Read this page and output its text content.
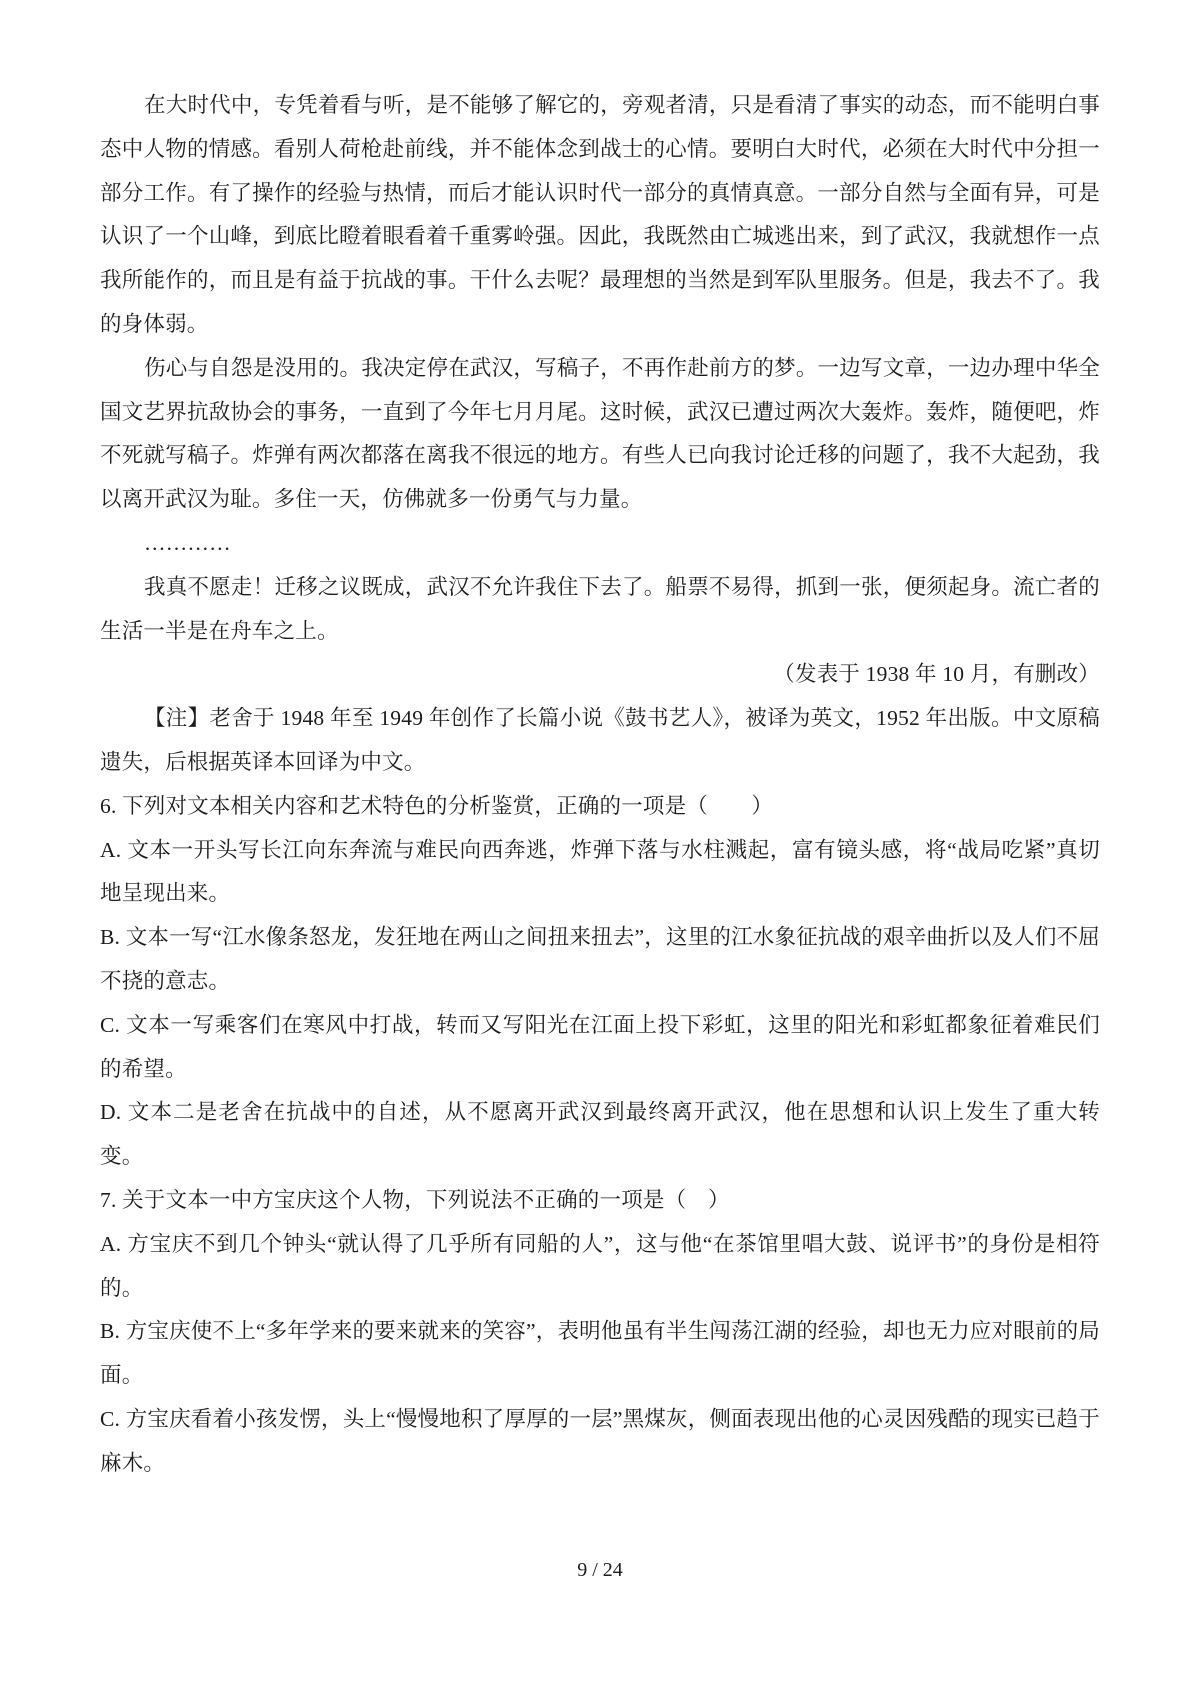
在大时代中，专凭着看与听，是不能够了解它的，旁观者清，只是看清了事实的动态，而不能明白事态中人物的情感。看别人荷枪赴前线，并不能体念到战士的心情。要明白大时代，必须在大时代中分担一部分工作。有了操作的经验与热情，而后才能认识时代一部分的真情真意。一部分自然与全面有异，可是认识了一个山峰，到底比瞪着眼看着千重雾岭强。因此，我既然由亡城逃出来，到了武汉，我就想作一点我所能作的，而且是有益于抗战的事。干什么去呢？最理想的当然是到军队里服务。但是，我去不了。我的身体弱。

伤心与自怨是没用的。我决定停在武汉，写稿子，不再作赴前方的梦。一边写文章，一边办理中华全国文艺界抗敌协会的事务，一直到了今年七月月尾。这时候，武汉已遭过两次大轰炸。轰炸，随便吧，炸不死就写稿子。炸弹有两次都落在离我不很远的地方。有些人已向我讨论迁移的问题了，我不大起劲，我以离开武汉为耻。多住一天，仿佛就多一份勇气与力量。

…………

我真不愿走！迁移之议既成，武汉不允许我住下去了。船票不易得，抓到一张，便须起身。流亡者的生活一半是在舟车之上。

（发表于 1938 年 10 月，有删改）

【注】老舍于 1948 年至 1949 年创作了长篇小说《鼓书艺人》，被译为英文，1952 年出版。中文原稿遗失，后根据英译本回译为中文。

6. 下列对文本相关内容和艺术特色的分析鉴赏，正确的一项是（　　）

A. 文本一开头写长江向东奔流与难民向西奔逃，炸弹下落与水柱溅起，富有镜头感，将“战局吃紧”真切地呈现出来。

B. 文本一写“江水像条怒龙，发狂地在两山之间扭来扭去”，这里的江水象征抗战的艰辛曲折以及人们不屈不挠的意志。

C. 文本一写乘客们在寒风中打战，转而又写阳光在江面上投下彩虹，这里的阳光和彩虹都象征着难民们的希望。

D. 文本二是老舍在抗战中的自述，从不愿离开武汉到最终离开武汉，他在思想和认识上发生了重大转变。

7. 关于文本一中方宝庆这个人物，下列说法不正确的一项是（　）

A. 方宝庆不到几个钟头“就认得了几乎所有同船的人”，这与他“在茶馆里唱大鼓、说评书”的身份是相符的。

B. 方宝庆使不上“多年学来的要来就来的笑容”，表明他虽有半生闯荡江湖的经验，却也无力应对眼前的局面。

C. 方宝庆看着小孩发愣，头上“慢慢地积了厚厚的一层”黑煤灰，侧面表现出他的心灵因残酷的现实已趋于麻木。

9 / 24
